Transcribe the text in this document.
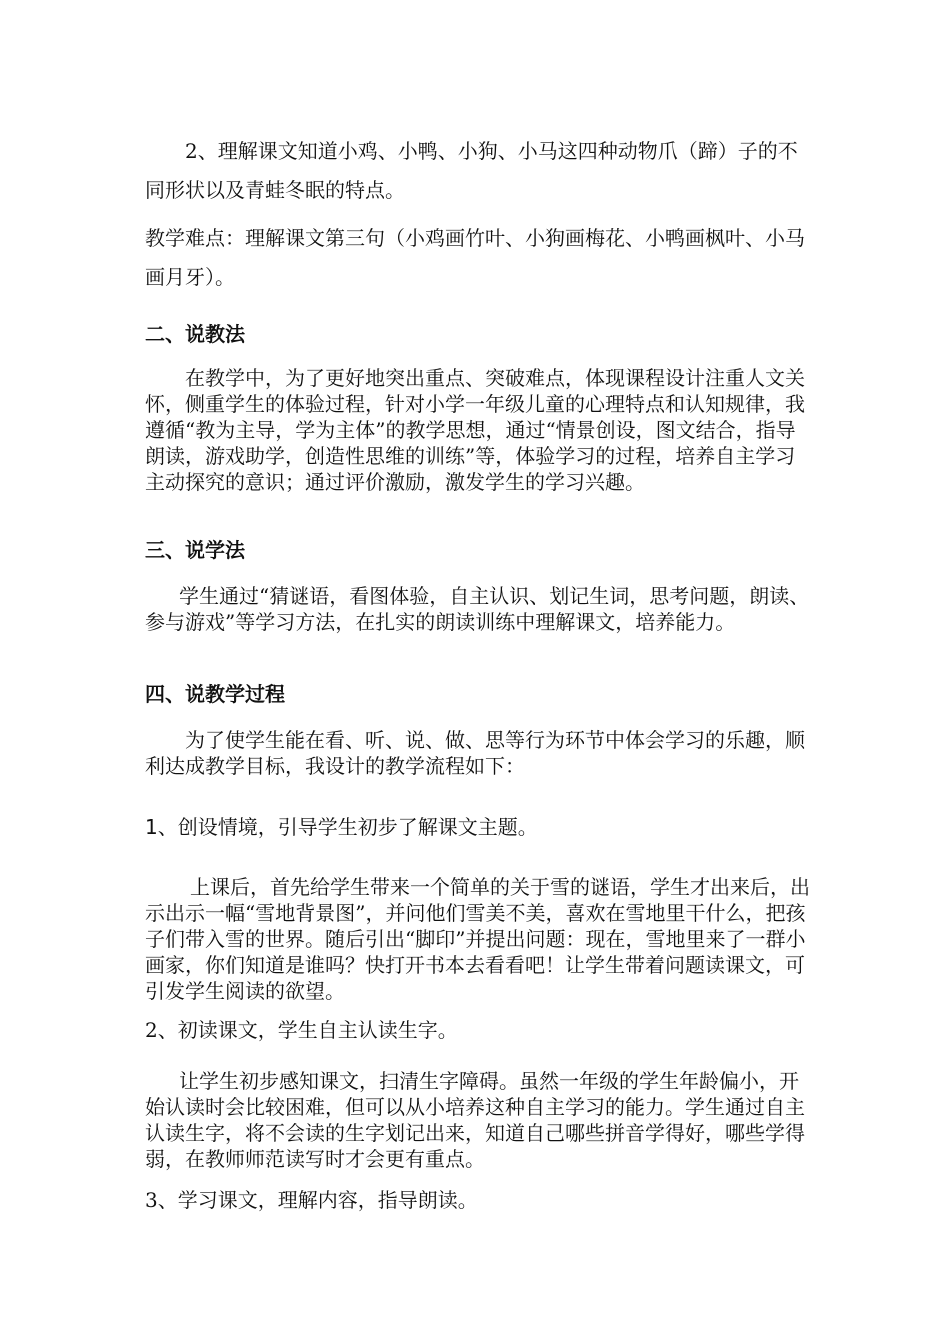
2、理解课文知道小鸡、小鸭、小狗、小马这四种动物爪（蹄）子的不同形状以及青蛙冬眠的特点。

教学难点：理解课文第三句（小鸡画竹叶、小狗画梅花、小鸭画枫叶、小马画月牙）。

二、说教法

在教学中，为了更好地突出重点、突破难点，体现课程设计注重人文关怀，侧重学生的体验过程，针对小学一年级儿童的心理特点和认知规律，我遵循“教为主导，学为主体”的教学思想，通过“情景创设，图文结合，指导朗读，游戏助学，创造性思维的训练”等，体验学习的过程，培养自主学习主动探究的意识；通过评价激励，激发学生的学习兴趣。

三、说学法

学生通过“猜谜语，看图体验，自主认识、划记生词，思考问题，朗读、参与游戏”等学习方法，在扎实的朗读训练中理解课文，培养能力。

四、说教学过程

为了使学生能在看、听、说、做、思等行为环节中体会学习的乐趣，顺利达成教学目标，我设计的教学流程如下：

1、创设情境，引导学生初步了解课文主题。

上课后，首先给学生带来一个简单的关于雪的谜语，学生才出来后，出示出示一幅“雪地背景图”，并问他们雪美不美，喜欢在雪地里干什么，把孩子们带入雪的世界。随后引出“脚印”并提出问题：现在，雪地里来了一群小画家，你们知道是谁吗？快打开书本去看看吧！让学生带着问题读课文，可引发学生阅读的欲望。

2、初读课文，学生自主认读生字。

让学生初步感知课文，扫清生字障碍。虽然一年级的学生年龄偏小，开始认读时会比较困难，但可以从小培养这种自主学习的能力。学生通过自主认读生字，将不会读的生字划记出来，知道自己哪些拼音学得好，哪些学得弱，在教师师范读写时才会更有重点。

3、学习课文，理解内容，指导朗读。
